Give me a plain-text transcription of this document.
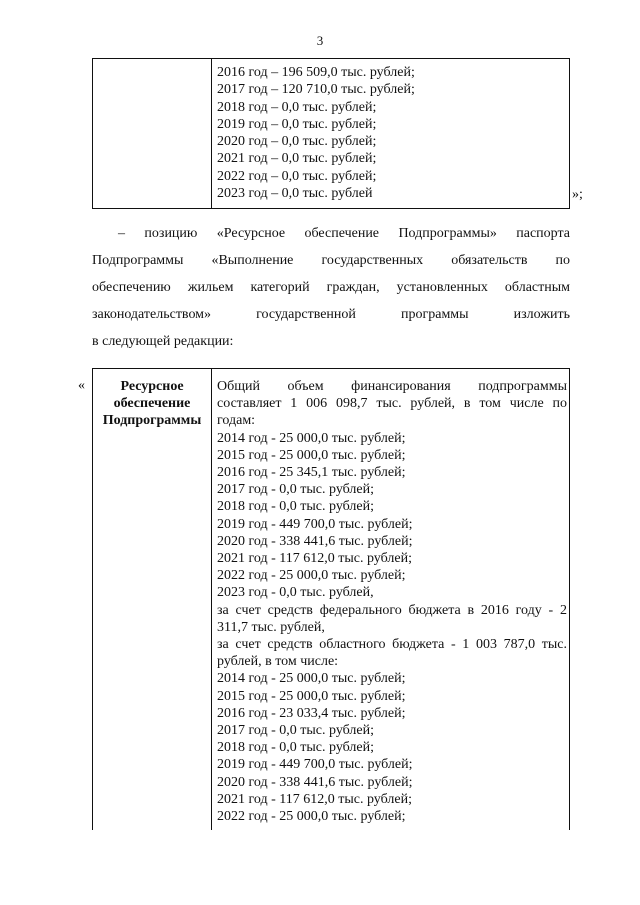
3
2016 год – 196 509,0 тыс. рублей;
2017 год – 120 710,0 тыс. рублей;
2018 год – 0,0 тыс. рублей;
2019 год – 0,0 тыс. рублей;
2020 год – 0,0 тыс. рублей;
2021 год – 0,0 тыс. рублей;
2022 год – 0,0 тыс. рублей;
2023 год – 0,0 тыс. рублей	»;
– позицию «Ресурсное обеспечение Подпрограммы» паспорта
Подпрограммы «Выполнение государственных обязательств по
обеспечению жильем категорий граждан, установленных областным
законодательством» государственной программы изложить
в следующей редакции:
«	Ресурсное
обеспечение
Подпрограммы
Общий объем финансирования подпрограммы
составляет 1 006 098,7 тыс. рублей, в том числе по
годам:
2014 год - 25 000,0 тыс. рублей;
2015 год - 25 000,0 тыс. рублей;
2016 год - 25 345,1 тыс. рублей;
2017 год - 0,0 тыс. рублей;
2018 год - 0,0 тыс. рублей;
2019 год - 449 700,0 тыс. рублей;
2020 год - 338 441,6 тыс. рублей;
2021 год - 117 612,0 тыс. рублей;
2022 год - 25 000,0 тыс. рублей;
2023 год - 0,0 тыс. рублей,
за счет средств федерального бюджета в 2016 году - 2
311,7 тыс. рублей,
за счет средств областного бюджета - 1 003 787,0 тыс.
рублей, в том числе:
2014 год - 25 000,0 тыс. рублей;
2015 год - 25 000,0 тыс. рублей;
2016 год - 23 033,4 тыс. рублей;
2017 год - 0,0 тыс. рублей;
2018 год - 0,0 тыс. рублей;
2019 год - 449 700,0 тыс. рублей;
2020 год - 338 441,6 тыс. рублей;
2021 год - 117 612,0 тыс. рублей;
2022 год - 25 000,0 тыс. рублей;
